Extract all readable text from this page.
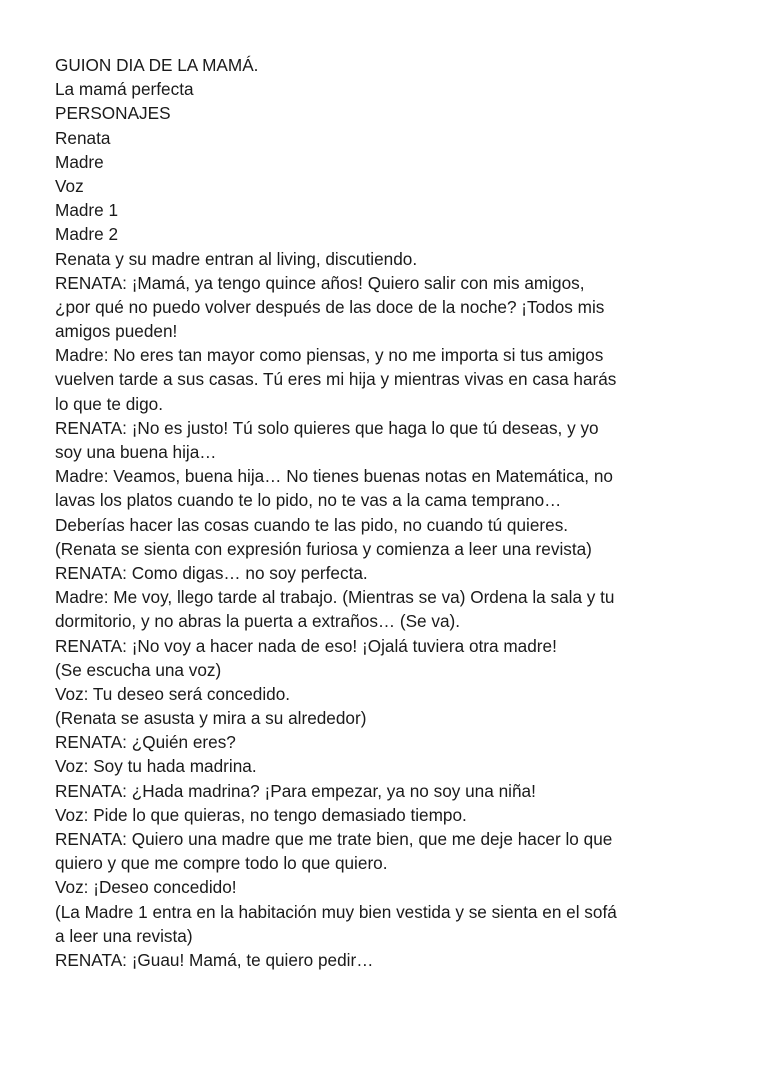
GUION DIA DE LA MAMÁ.
La mamá perfecta
PERSONAJES
Renata
Madre
Voz
Madre 1
Madre 2
Renata y su madre entran al living, discutiendo.
RENATA: ¡Mamá, ya tengo quince años! Quiero salir con mis amigos,
¿por qué no puedo volver después de las doce de la noche? ¡Todos mis
amigos pueden!
Madre: No eres tan mayor como piensas, y no me importa si tus amigos
vuelven tarde a sus casas. Tú eres mi hija y mientras vivas en casa harás
lo que te digo.
RENATA: ¡No es justo! Tú solo quieres que haga lo que tú deseas, y yo
soy una buena hija…
Madre: Veamos, buena hija… No tienes buenas notas en Matemática, no
lavas los platos cuando te lo pido, no te vas a la cama temprano…
Deberías hacer las cosas cuando te las pido, no cuando tú quieres.
(Renata se sienta con expresión furiosa y comienza a leer una revista)
RENATA: Como digas… no soy perfecta.
Madre: Me voy, llego tarde al trabajo. (Mientras se va) Ordena la sala y tu
dormitorio, y no abras la puerta a extraños… (Se va).
RENATA: ¡No voy a hacer nada de eso! ¡Ojalá tuviera otra madre!
(Se escucha una voz)
Voz: Tu deseo será concedido.
(Renata se asusta y mira a su alrededor)
RENATA: ¿Quién eres?
Voz: Soy tu hada madrina.
RENATA: ¿Hada madrina? ¡Para empezar, ya no soy una niña!
Voz: Pide lo que quieras, no tengo demasiado tiempo.
RENATA: Quiero una madre que me trate bien, que me deje hacer lo que
quiero y que me compre todo lo que quiero.
Voz: ¡Deseo concedido!
(La Madre 1 entra en la habitación muy bien vestida y se sienta en el sofá
a leer una revista)
RENATA: ¡Guau! Mamá, te quiero pedir…
